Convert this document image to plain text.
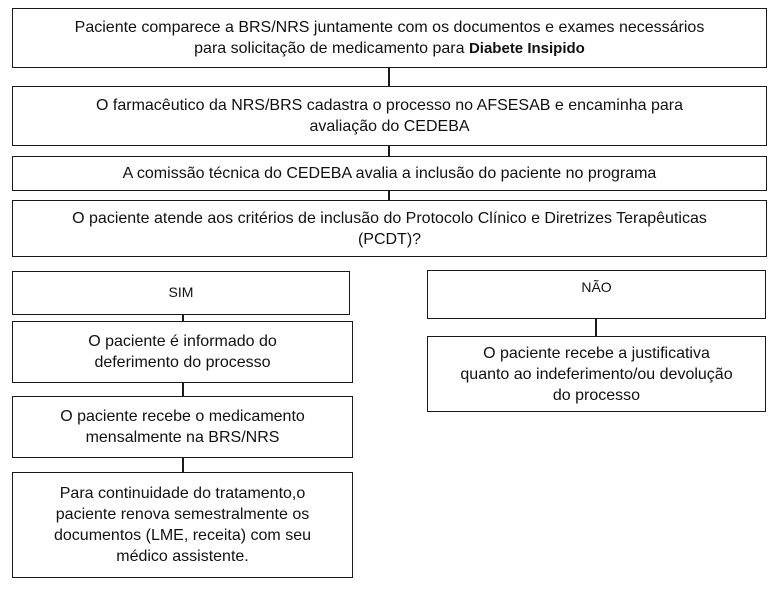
Paciente comparece a BRS/NRS juntamente com os documentos e exames necessários
para solicitação de medicamento para Diabete Insipido
O farmacêutico da NRS/BRS cadastra o processo no AFSESAB e encaminha para
avaliação do CEDEBA
A comissão técnica do CEDEBA avalia a inclusão do paciente no programa
O paciente atende aos critérios de inclusão do Protocolo Clínico e Diretrizes Terapêuticas
(PCDT)?
SIM
O paciente é informado do
deferimento do processo
O paciente recebe o medicamento
mensalmente na BRS/NRS
Para continuidade do tratamento,o
paciente renova semestralmente os
documentos (LME, receita) com seu
médico assistente.
NÃO
O paciente recebe a justificativa
quanto ao indeferimento/ou devolução
do processo
